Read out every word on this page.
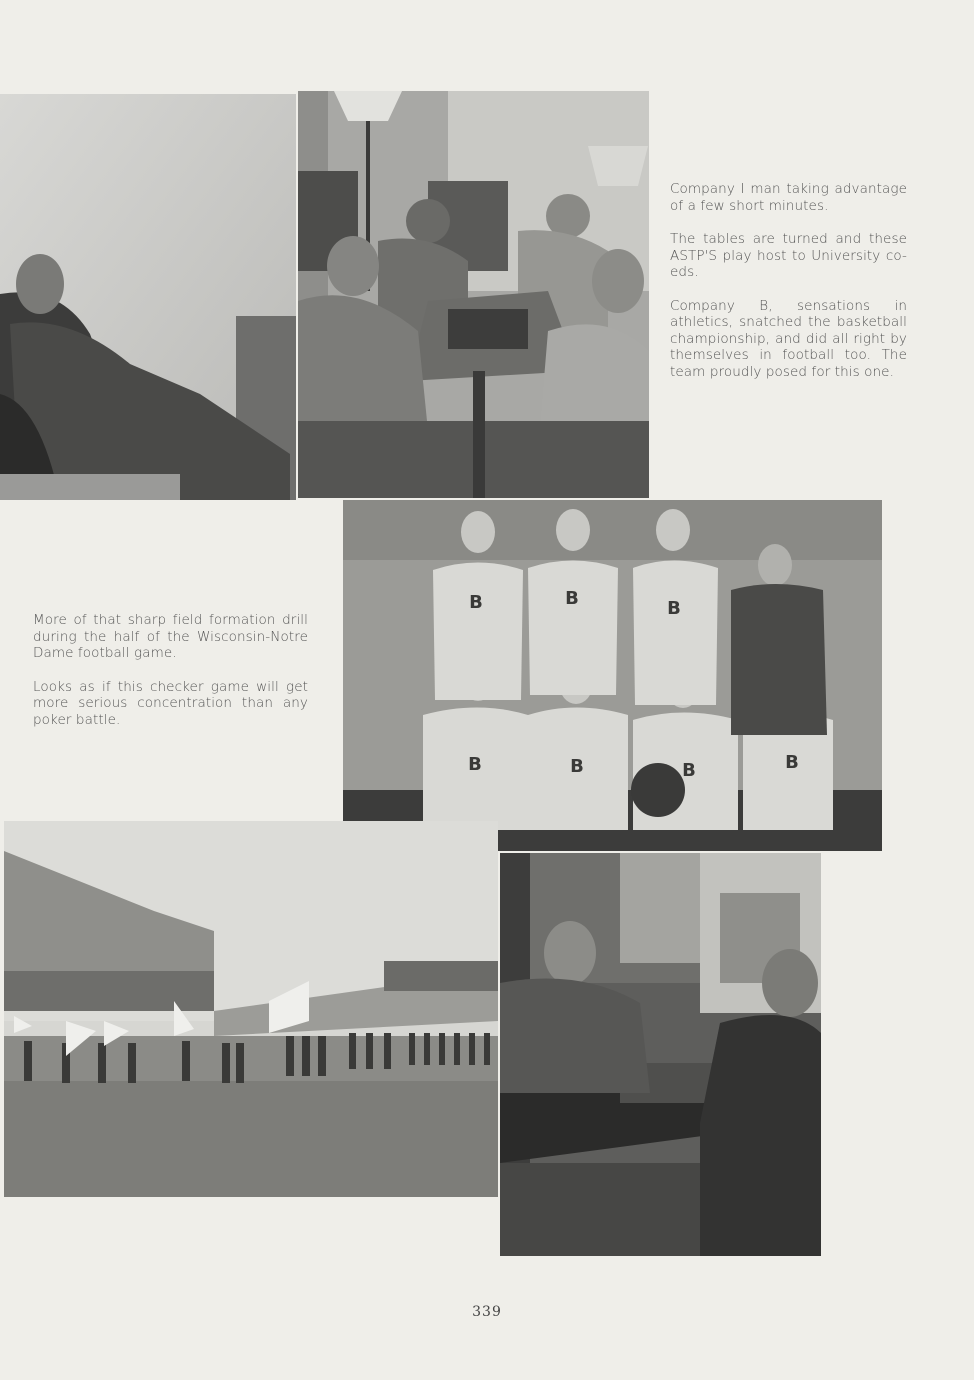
Company I man taking advantage of a few short minutes.

The tables are turned and these ASTP'S play host to University co-eds.

Company B, sensations in athletics, snatched the basketball championship, and did all right by themselves in football too. The team proudly posed for this one.

B	B	B
B	B	B	B

More of that sharp field formation drill during the half of the Wisconsin-Notre Dame football game.

Looks as if this checker game will get more serious concentration than any poker battle.

339
